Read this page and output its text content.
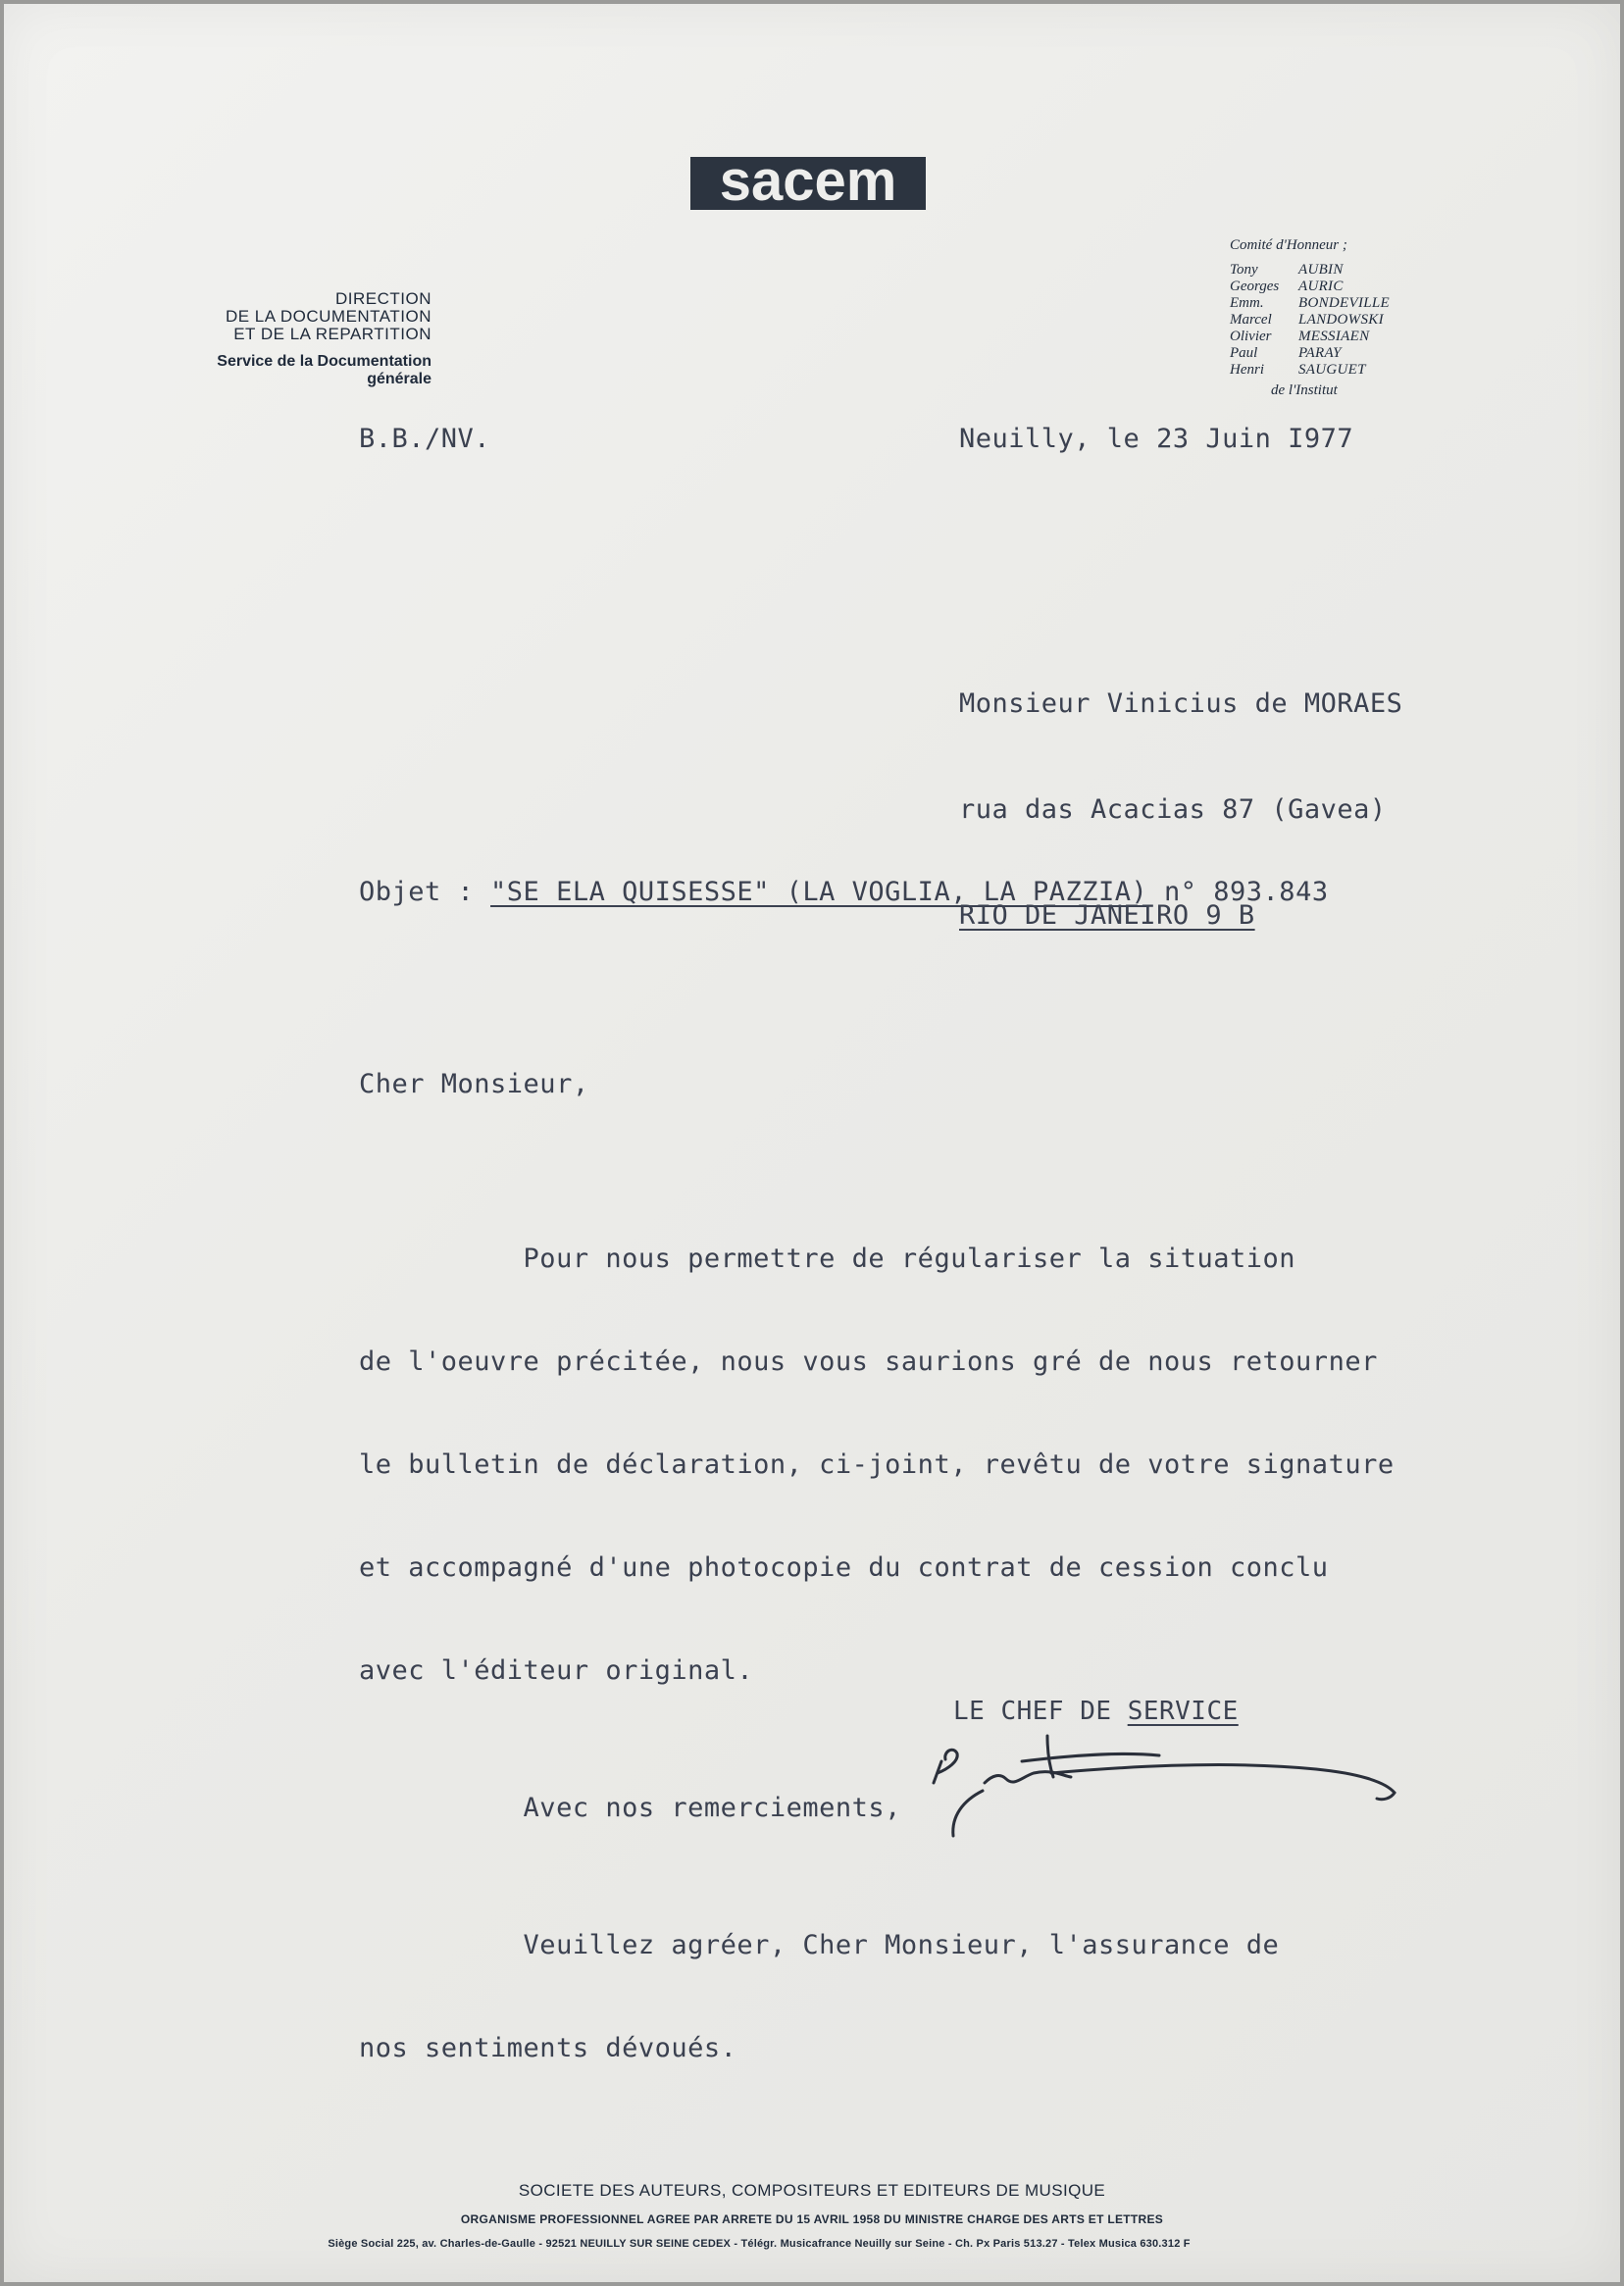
sacem
DIRECTION
DE LA DOCUMENTATION
ET DE LA REPARTITION
Service de la Documentation
générale
Comité d'Honneur ;
Tony	AUBIN
Georges	AURIC
Emm.	BONDEVILLE
Marcel	LANDOWSKI
Olivier	MESSIAEN
Paul	PARAY
Henri	SAUGUET
de l'Institut
B.B./NV.	Neuilly, le 23 Juin I977

Monsieur Vinicius de MORAES

rua das Acacias 87 (Gavea)

RIO DE JANEIRO 9 B

Objet : "SE ELA QUISESSE" (LA VOGLIA, LA PAZZIA) n° 893.843
Cher Monsieur,

Pour nous permettre de régulariser la situation

de l'oeuvre précitée, nous vous saurions gré de nous retourner

le bulletin de déclaration, ci-joint, revêtu de votre signature

et accompagné d'une photocopie du contrat de cession conclu

avec l'éditeur original.

Avec nos remerciements,

Veuillez agréer, Cher Monsieur, l'assurance de

nos sentiments dévoués.

LE CHEF DE SERVICE
SOCIETE DES AUTEURS, COMPOSITEURS ET EDITEURS DE MUSIQUE
ORGANISME PROFESSIONNEL AGREE PAR ARRETE DU 15 AVRIL 1958 DU MINISTRE CHARGE DES ARTS ET LETTRES
Siège Social 225, av. Charles-de-Gaulle - 92521 NEUILLY SUR SEINE CEDEX - Télégr. Musicafrance Neuilly sur Seine - Ch. Px Paris 513.27 - Telex Musica 630.312 F
